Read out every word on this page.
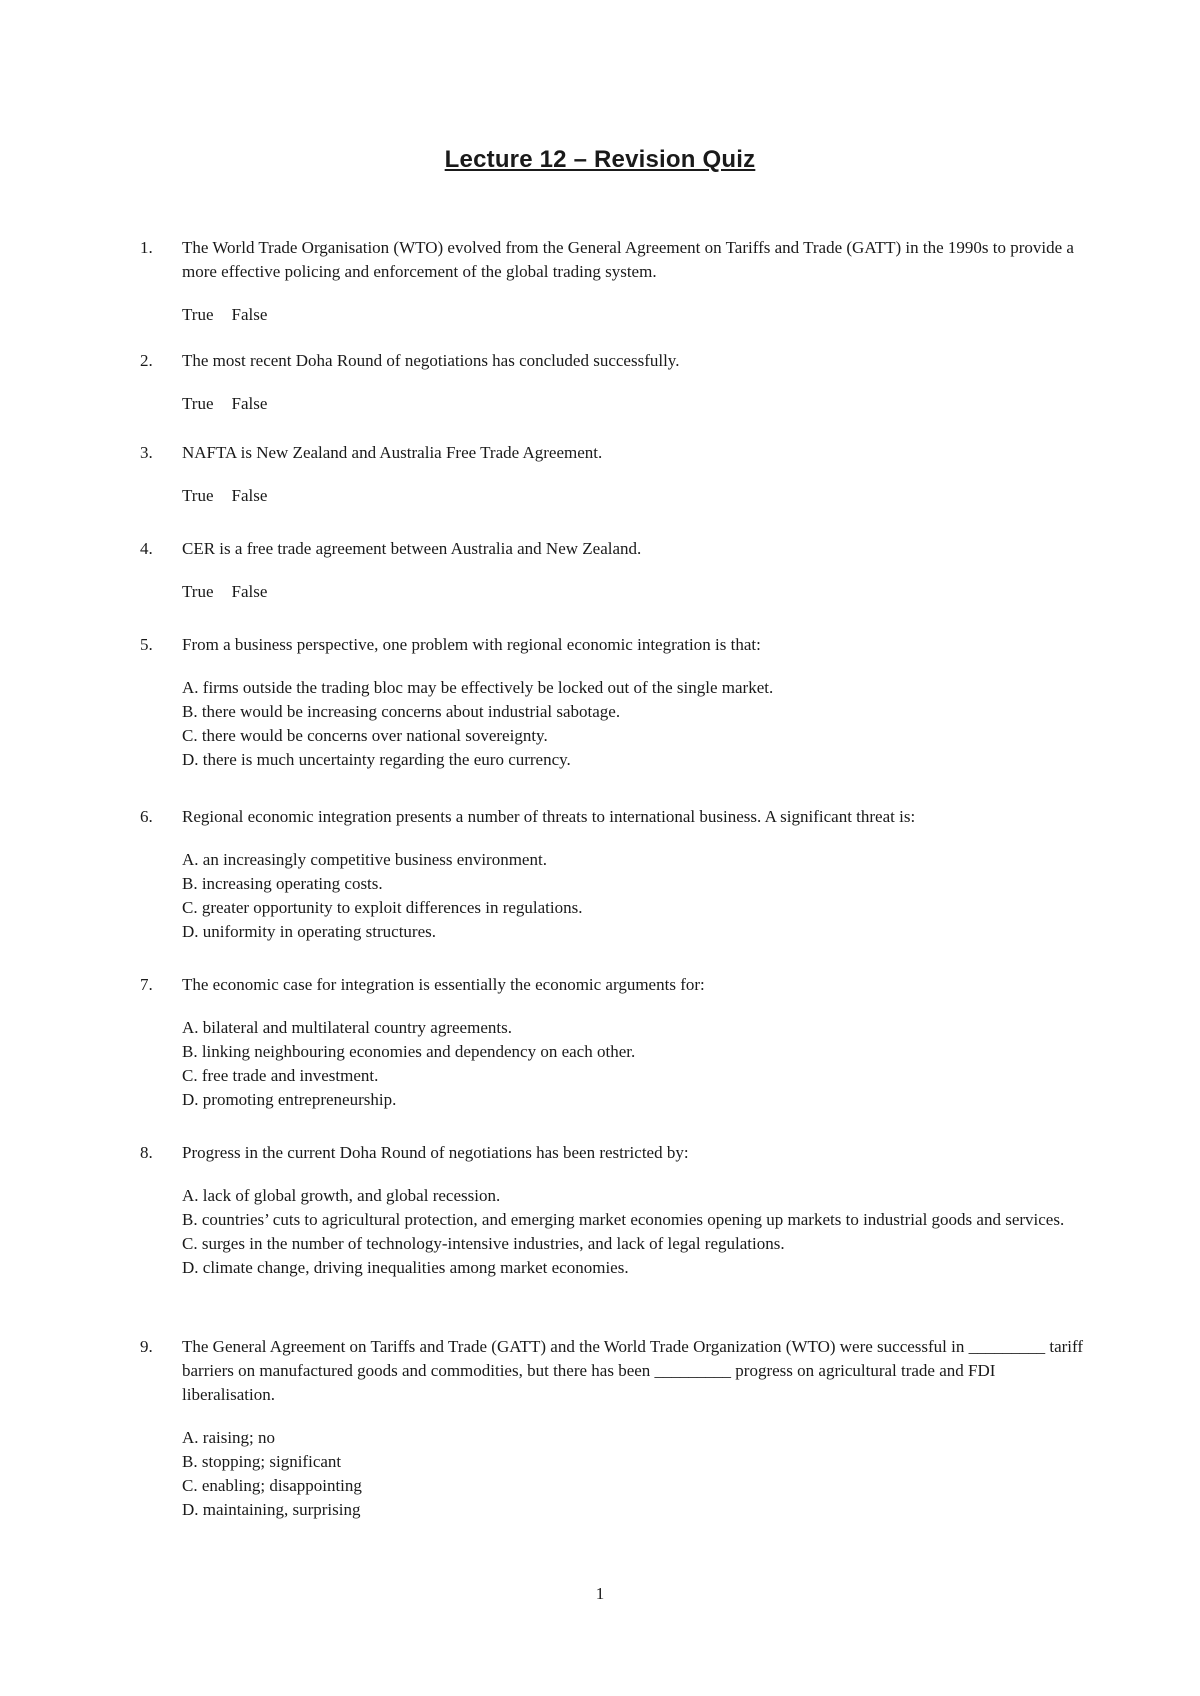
Lecture 12 – Revision Quiz
1.	The World Trade Organisation (WTO) evolved from the General Agreement on Tariffs and Trade (GATT) in the 1990s to provide a more effective policing and enforcement of the global trading system.
True False
2.	The most recent Doha Round of negotiations has concluded successfully.
True False
3.	NAFTA is New Zealand and Australia Free Trade Agreement.
True False
4.	CER is a free trade agreement between Australia and New Zealand.
True False
5.	From a business perspective, one problem with regional economic integration is that:
A. firms outside the trading bloc may be effectively be locked out of the single market.
B. there would be increasing concerns about industrial sabotage.
C. there would be concerns over national sovereignty.
D. there is much uncertainty regarding the euro currency.
6.	Regional economic integration presents a number of threats to international business. A significant threat is:
A. an increasingly competitive business environment.
B. increasing operating costs.
C. greater opportunity to exploit differences in regulations.
D. uniformity in operating structures.
7.	The economic case for integration is essentially the economic arguments for:
A. bilateral and multilateral country agreements.
B. linking neighbouring economies and dependency on each other.
C. free trade and investment.
D. promoting entrepreneurship.
8.	Progress in the current Doha Round of negotiations has been restricted by:
A. lack of global growth, and global recession.
B. countries’ cuts to agricultural protection, and emerging market economies opening up markets to industrial goods and services.
C. surges in the number of technology-intensive industries, and lack of legal regulations.
D. climate change, driving inequalities among market economies.
9.	The General Agreement on Tariffs and Trade (GATT) and the World Trade Organization (WTO) were successful in _________ tariff barriers on manufactured goods and commodities, but there has been _________ progress on agricultural trade and FDI liberalisation.
A. raising; no
B. stopping; significant
C. enabling; disappointing
D. maintaining, surprising
1
